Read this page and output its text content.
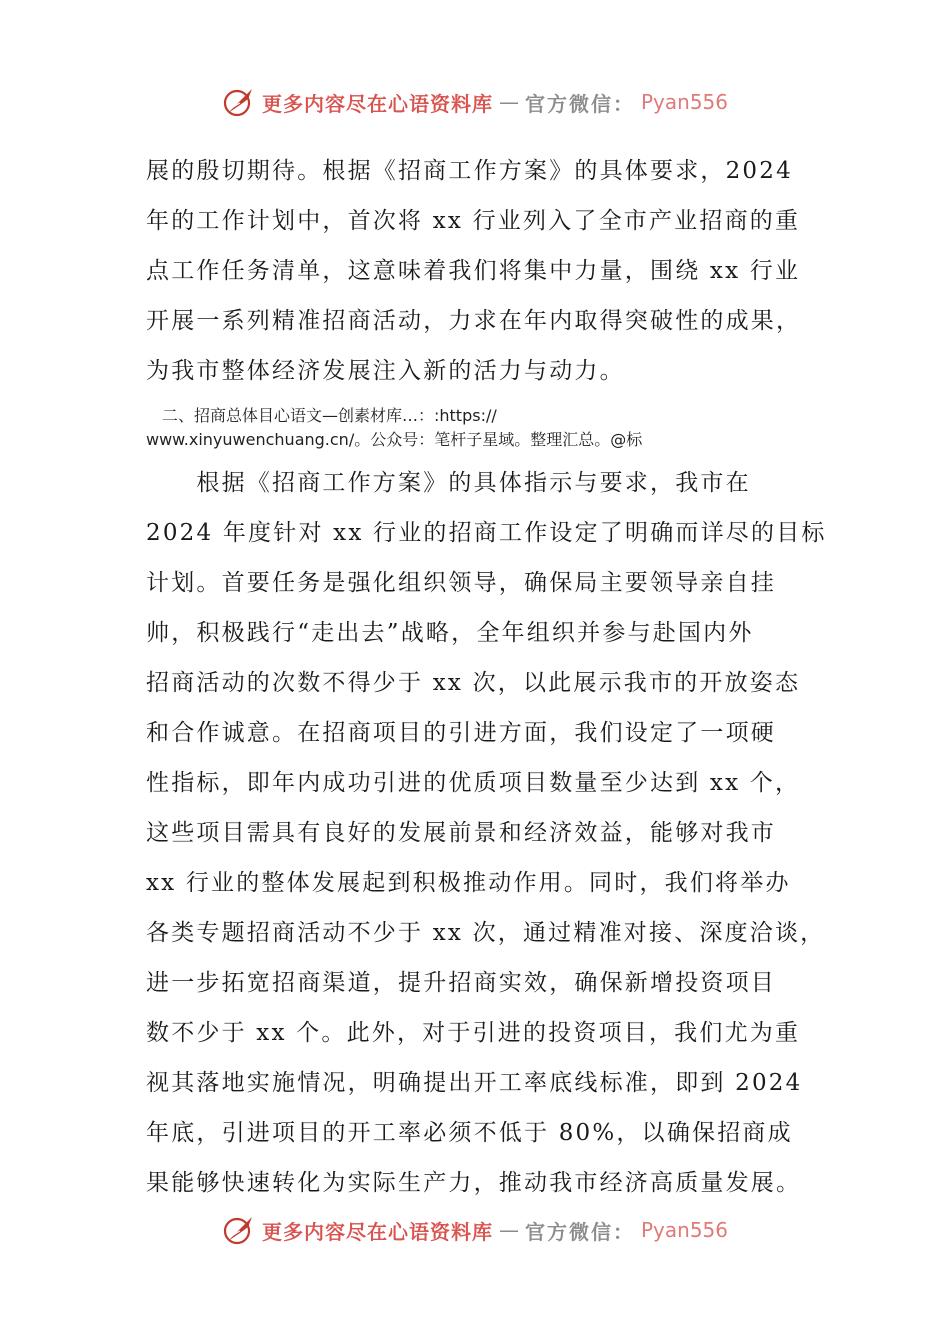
更多内容尽在心语资料库 — 官方微信： Pyan556

展的殷切期待。根据《招商工作方案》的具体要求，2024
年的工作计划中，首次将 xx 行业列入了全市产业招商的重
点工作任务清单，这意味着我们将集中力量，围绕 xx 行业
开展一系列精准招商活动，力求在年内取得突破性的成果，
为我市整体经济发展注入新的活力与动力。

二、招商总体目心语文—创素材库…：:https://
www.xinyuwenchuang.cn/。公众号：笔杆子星域。整理汇总。@标

　　根据《招商工作方案》的具体指示与要求，我市在
2024 年度针对 xx 行业的招商工作设定了明确而详尽的目标
计划。首要任务是强化组织领导，确保局主要领导亲自挂
帅，积极践行“走出去”战略，全年组织并参与赴国内外
招商活动的次数不得少于 xx 次，以此展示我市的开放姿态
和合作诚意。在招商项目的引进方面，我们设定了一项硬
性指标，即年内成功引进的优质项目数量至少达到 xx 个，
这些项目需具有良好的发展前景和经济效益，能够对我市
xx 行业的整体发展起到积极推动作用。同时，我们将举办
各类专题招商活动不少于 xx 次，通过精准对接、深度洽谈，
进一步拓宽招商渠道，提升招商实效，确保新增投资项目
数不少于 xx 个。此外，对于引进的投资项目，我们尤为重
视其落地实施情况，明确提出开工率底线标准，即到 2024
年底，引进项目的开工率必须不低于 80%，以确保招商成
果能够快速转化为实际生产力，推动我市经济高质量发展。

更多内容尽在心语资料库 — 官方微信： Pyan556
